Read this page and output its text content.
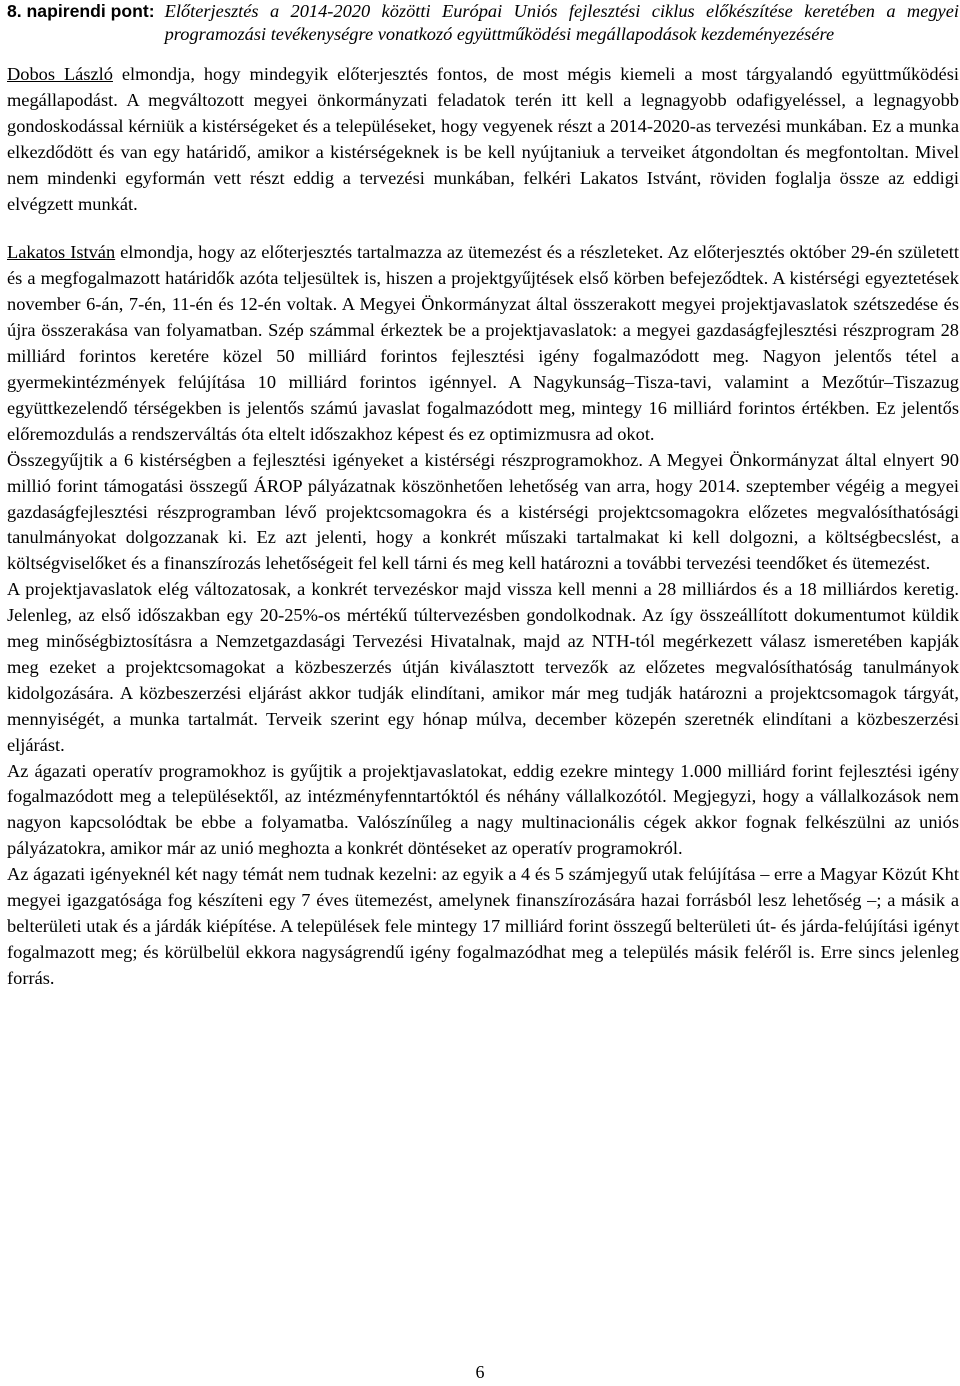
8. napirendi pont: Előterjesztés a 2014-2020 közötti Európai Uniós fejlesztési ciklus előkészítése keretében a megyei programozási tevékenységre vonatkozó együttműködési megállapodások kezdeményezésére

Dobos László elmondja, hogy mindegyik előterjesztés fontos, de most mégis kiemeli a most tárgyalandó együttműködési megállapodást. A megváltozott megyei önkormányzati feladatok terén itt kell a legnagyobb odafigyeléssel, a legnagyobb gondoskodással kérniük a kistérségeket és a településeket, hogy vegyenek részt a 2014-2020-as tervezési munkában. Ez a munka elkezdődött és van egy határidő, amikor a kistérségeknek is be kell nyújtaniuk a terveiket átgondoltan és megfontoltan. Mivel nem mindenki egyformán vett részt eddig a tervezési munkában, felkéri Lakatos Istvánt, röviden foglalja össze az eddigi elvégzett munkát.

Lakatos István elmondja, hogy az előterjesztés tartalmazza az ütemezést és a részleteket. Az előterjesztés október 29-én született és a megfogalmazott határidők azóta teljesültek is, hiszen a projektgyűjtések első körben befejeződtek. A kistérségi egyeztetések november 6-án, 7-én, 11-én és 12-én voltak. A Megyei Önkormányzat által összerakott megyei projektjavaslatok szétszedése és újra összerakása van folyamatban. Szép számmal érkeztek be a projektjavaslatok: a megyei gazdaságfejlesztési részprogram 28 milliárd forintos keretére közel 50 milliárd forintos fejlesztési igény fogalmazódott meg. Nagyon jelentős tétel a gyermekintézmények felújítása 10 milliárd forintos igénnyel. A Nagykunság–Tisza-tavi, valamint a Mezőtúr–Tiszazug együttkezelendő térségekben is jelentős számú javaslat fogalmazódott meg, mintegy 16 milliárd forintos értékben. Ez jelentős előremozdulás a rendszerváltás óta eltelt időszakhoz képest és ez optimizmusra ad okot.

Összegyűjtik a 6 kistérségben a fejlesztési igényeket a kistérségi részprogramokhoz. A Megyei Önkormányzat által elnyert 90 millió forint támogatási összegű ÁROP pályázatnak köszönhetően lehetőség van arra, hogy 2014. szeptember végéig a megyei gazdaságfejlesztési részprogramban lévő projektcsomagokra és a kistérségi projektcsomagokra előzetes megvalósíthatósági tanulmányokat dolgozzanak ki. Ez azt jelenti, hogy a konkrét műszaki tartalmakat ki kell dolgozni, a költségbecslést, a költségviselőket és a finanszírozás lehetőségeit fel kell tárni és meg kell határozni a további tervezési teendőket és ütemezést.

A projektjavaslatok elég változatosak, a konkrét tervezéskor majd vissza kell menni a 28 milliárdos és a 18 milliárdos keretig. Jelenleg, az első időszakban egy 20-25%-os mértékű túltervezésben gondolkodnak. Az így összeállított dokumentumot küldik meg minőségbiztosításra a Nemzetgazdasági Tervezési Hivatalnak, majd az NTH-tól megérkezett válasz ismeretében kapják meg ezeket a projektcsomagokat a közbeszerzés útján kiválasztott tervezők az előzetes megvalósíthatóság tanulmányok kidolgozására. A közbeszerzési eljárást akkor tudják elindítani, amikor már meg tudják határozni a projektcsomagok tárgyát, mennyiségét, a munka tartalmát. Terveik szerint egy hónap múlva, december közepén szeretnék elindítani a közbeszerzési eljárást.

Az ágazati operatív programokhoz is gyűjtik a projektjavaslatokat, eddig ezekre mintegy 1.000 milliárd forint fejlesztési igény fogalmazódott meg a településektől, az intézményfenntartóktól és néhány vállalkozótól. Megjegyzi, hogy a vállalkozások nem nagyon kapcsolódtak be ebbe a folyamatba. Valószínűleg a nagy multinacionális cégek akkor fognak felkészülni az uniós pályázatokra, amikor már az unió meghozta a konkrét döntéseket az operatív programokról.

Az ágazati igényeknél két nagy témát nem tudnak kezelni: az egyik a 4 és 5 számjegyű utak felújítása – erre a Magyar Közút Kht megyei igazgatósága fog készíteni egy 7 éves ütemezést, amelynek finanszírozására hazai forrásból lesz lehetőség –; a másik a belterületi utak és a járdák kiépítése. A települések fele mintegy 17 milliárd forint összegű belterületi út- és járda-felújítási igényt fogalmazott meg; és körülbelül ekkora nagyságrendű igény fogalmazódhat meg a település másik feléről is. Erre sincs jelenleg forrás.

6
